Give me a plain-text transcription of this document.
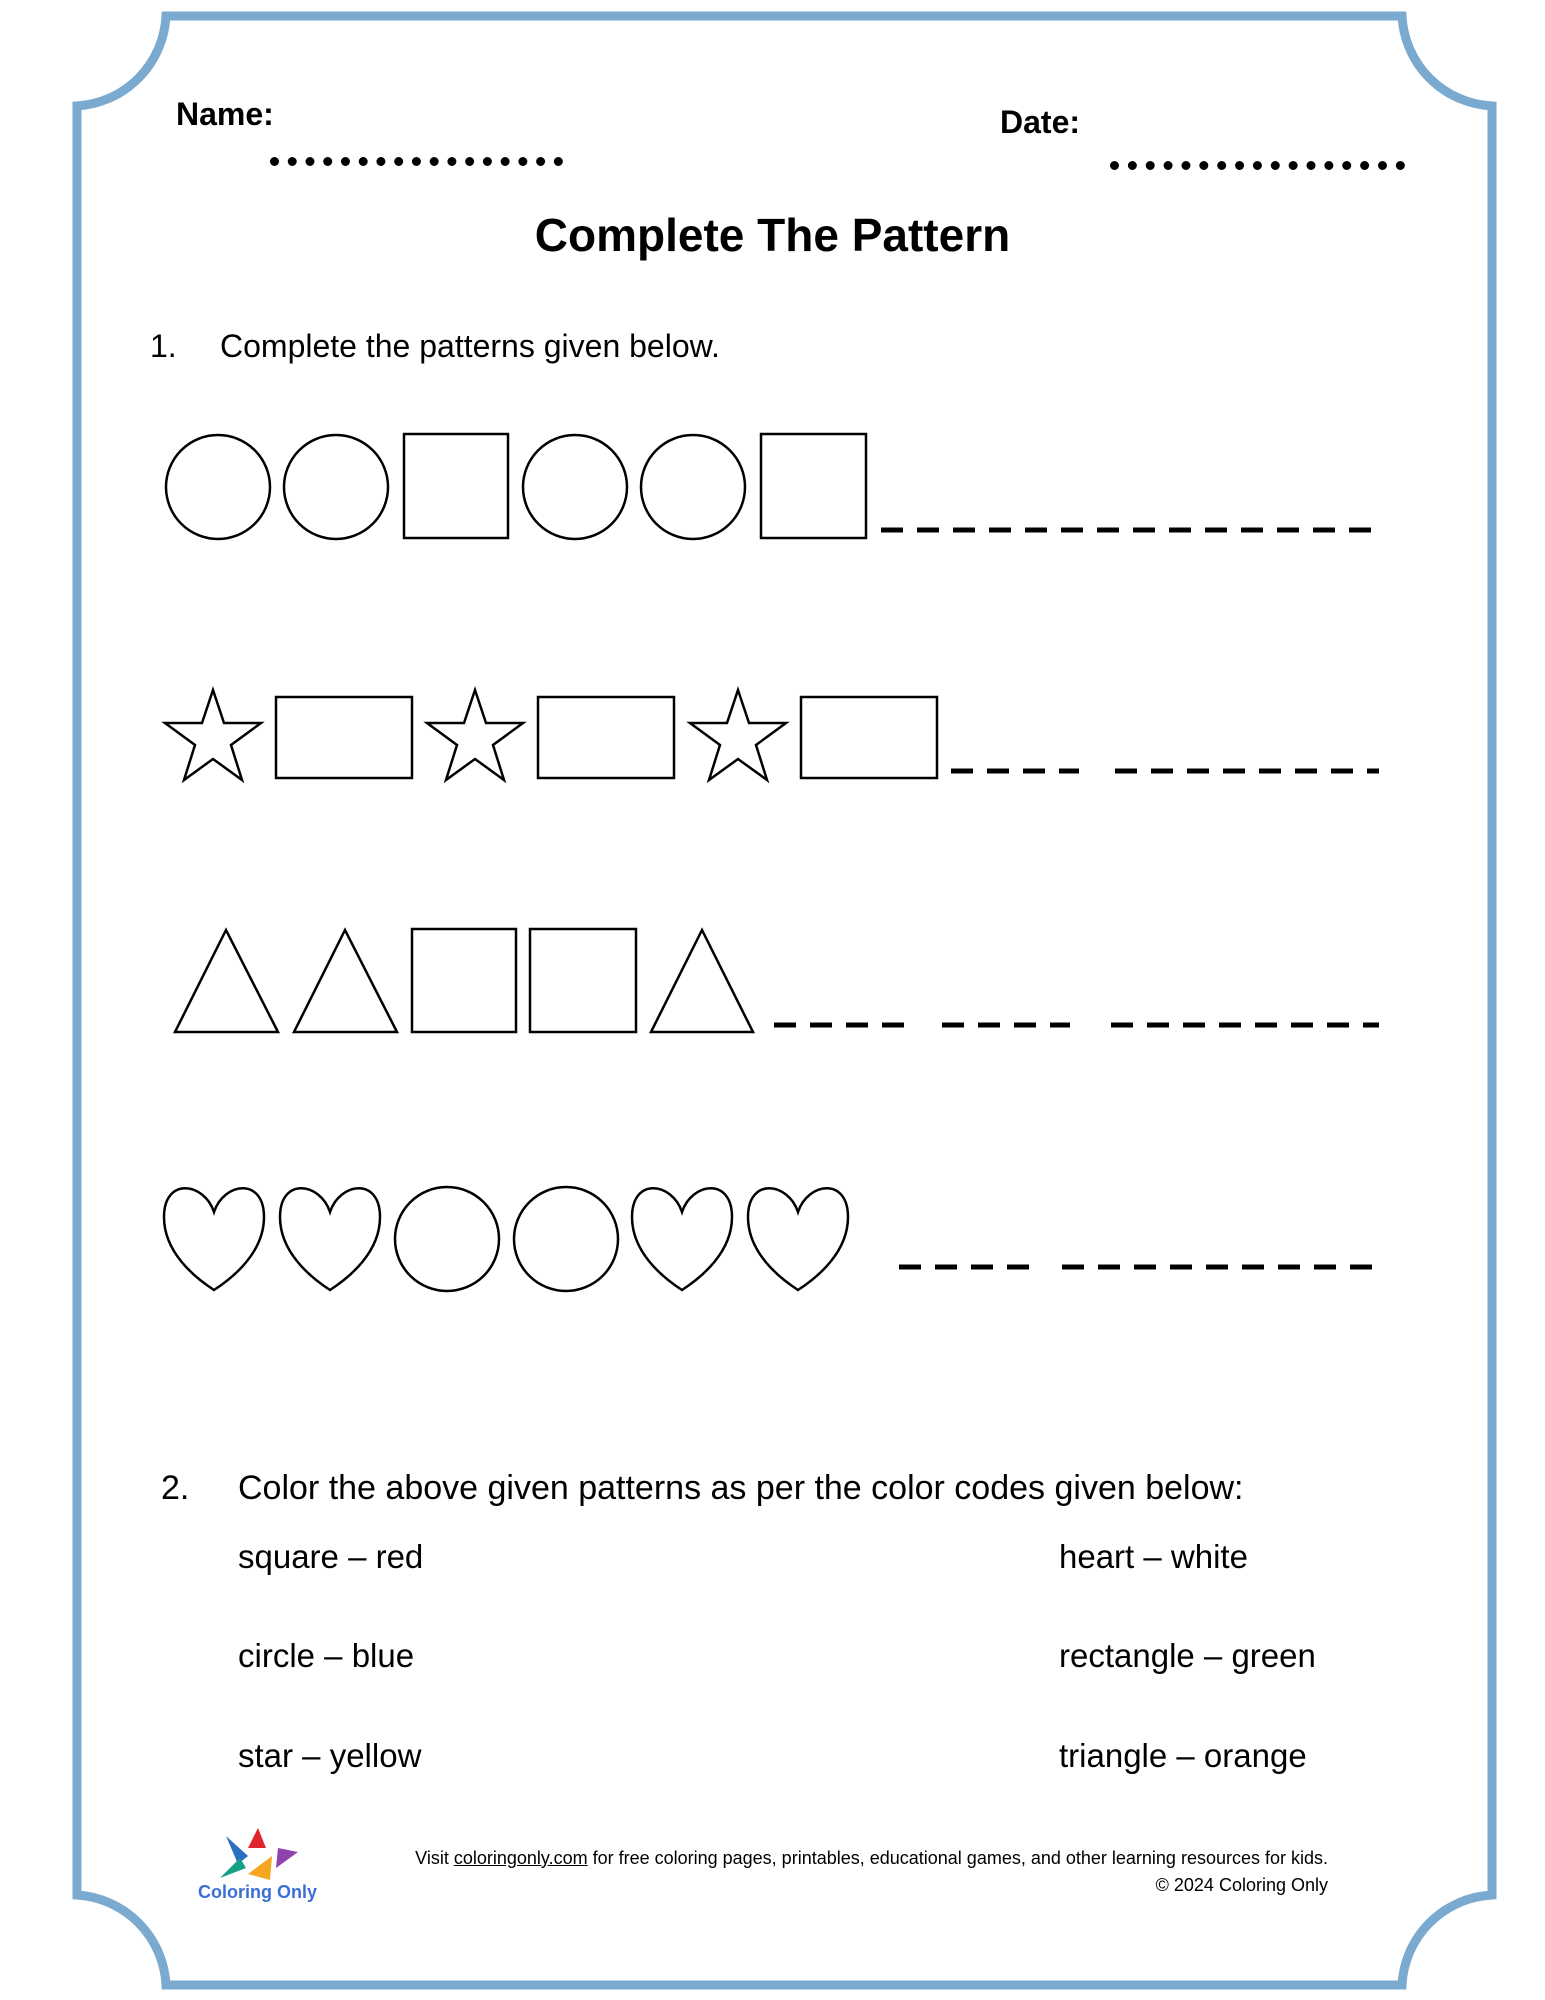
Name:	Date:
Complete The Pattern
1. Complete the patterns given below.
2. Color the above given patterns as per the color codes given below:
square – red
circle – blue
star – yellow
heart – white
rectangle – green
triangle – orange
Coloring Only
Visit coloringonly.com for free coloring pages, printables, educational games, and other learning resources for kids.
© 2024 Coloring Only
